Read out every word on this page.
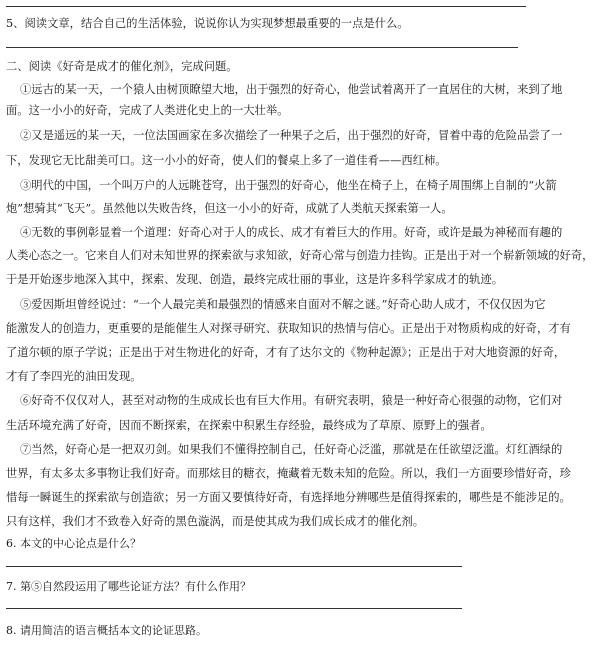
5、阅读文章，结合自己的生活体验，说说你认为实现梦想最重要的一点是什么。
二、阅读《好奇是成才的催化剂》，完成问题。
①远古的某一天，一个猿人由树顶瞭望大地，出于强烈的好奇心，他尝试着离开了一直居住的大树，来到了地
面。这一小小的好奇，完成了人类进化史上的一大壮举。
②又是遥远的某一天，一位法国画家在多次描绘了一种果子之后，出于强烈的好奇，冒着中毒的危险品尝了一
下，发现它无比甜美可口。这一小小的好奇，使人们的餐桌上多了一道佳肴——西红柿。
③明代的中国，一个叫万户的人远眺苍穹，出于强烈的好奇心，他坐在椅子上，在椅子周围绑上自制的“火箭
炮”想骑其“飞天”。虽然他以失败告终，但这一小小的好奇，成就了人类航天探索第一人。
④无数的事例彰显着一个道理：好奇心对于人的成长、成才有着巨大的作用。好奇，或许是最为神秘而有趣的
人类心态之一。它来自人们对未知世界的探索欲与求知欲，好奇心常与创造力挂钩。正是出于对一个崭新领域的好奇，
于是开始逐步地深入其中，探索、发现、创造，最终完成壮丽的事业，这是许多科学家成才的轨迹。
⑤爱因斯坦曾经说过：“一个人最完美和最强烈的情感来自面对不解之谜。”好奇心助人成才，不仅仅因为它
能激发人的创造力，更重要的是能催生人对探寻研究、获取知识的热情与信心。正是出于对物质构成的好奇，才有
了道尔顿的原子学说；正是出于对生物进化的好奇，才有了达尔文的《物种起源》；正是出于对大地资源的好奇，
才有了李四光的油田发现。
⑥好奇不仅仅对人，甚至对动物的生成成长也有巨大作用。有研究表明，猿是一种好奇心很强的动物，它们对
生活环境充满了好奇，因而不断探索，在探索中积累生存经验，最终成为了草原、原野上的强者。
⑦当然，好奇心是一把双刃剑。如果我们不懂得控制自己，任好奇心泛滥，那就是在任欲望泛滥。灯红酒绿的
世界，有太多太多事物让我们好奇。而那炫目的糖衣，掩藏着无数未知的危险。所以，我们一方面要珍惜好奇，珍
惜每一瞬诞生的探索欲与创造欲；另一方面又要慎待好奇，有选择地分辨哪些是值得探索的，哪些是不能涉足的。
只有这样，我们才不致卷入好奇的黑色漩涡，而是使其成为我们成长成才的催化剂。
6. 本文的中心论点是什么？
7. 第⑤自然段运用了哪些论证方法？有什么作用？
8. 请用简洁的语言概括本文的论证思路。
